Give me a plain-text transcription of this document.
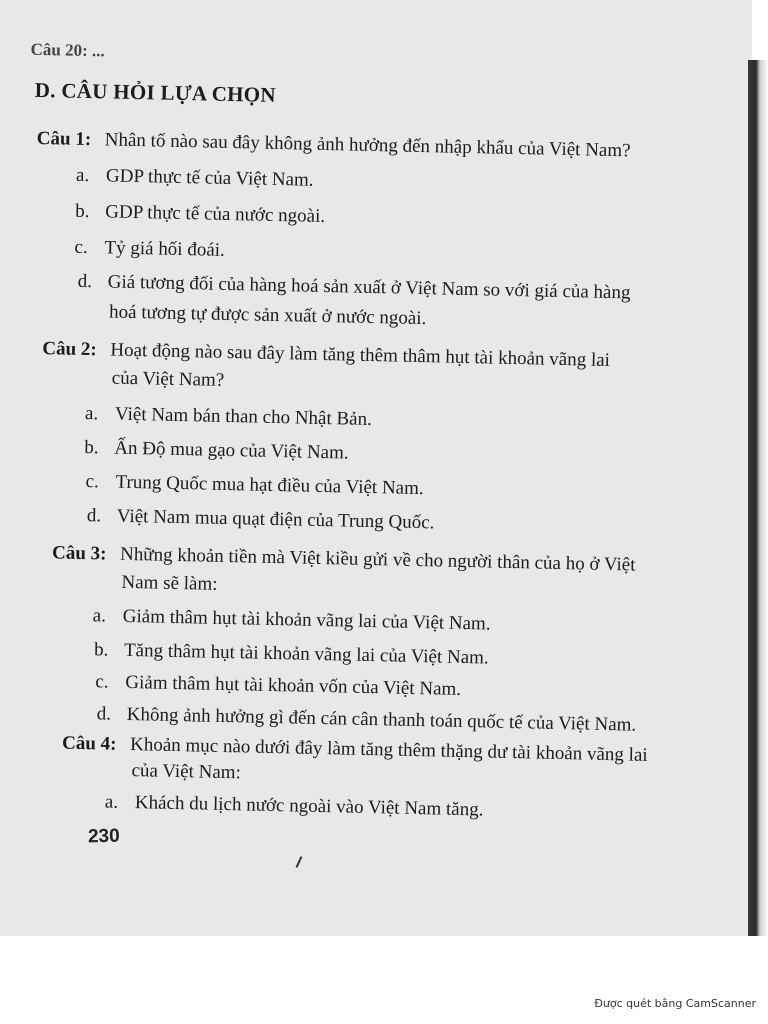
Câu 20: ...
D. CÂU HỎI LỰA CHỌN
Câu 1: Nhân tố nào sau đây không ảnh hưởng đến nhập khẩu của Việt Nam?
a. GDP thực tế của Việt Nam.
b. GDP thực tế của nước ngoài.
c. Tỷ giá hối đoái.
d. Giá tương đối của hàng hoá sản xuất ở Việt Nam so với giá của hàng
hoá tương tự được sản xuất ở nước ngoài.
Câu 2: Hoạt động nào sau đây làm tăng thêm thâm hụt tài khoản vãng lai
của Việt Nam?
a. Việt Nam bán than cho Nhật Bản.
b. Ấn Độ mua gạo của Việt Nam.
c. Trung Quốc mua hạt điều của Việt Nam.
d. Việt Nam mua quạt điện của Trung Quốc.
Câu 3: Những khoản tiền mà Việt kiều gửi về cho người thân của họ ở Việt
Nam sẽ làm:
a. Giảm thâm hụt tài khoản vãng lai của Việt Nam.
b. Tăng thâm hụt tài khoản vãng lai của Việt Nam.
c. Giảm thâm hụt tài khoản vốn của Việt Nam.
d. Không ảnh hưởng gì đến cán cân thanh toán quốc tế của Việt Nam.
Câu 4: Khoản mục nào dưới đây làm tăng thêm thặng dư tài khoản vãng lai
của Việt Nam:
a. Khách du lịch nước ngoài vào Việt Nam tăng.
230
Được quét bằng CamScanner
